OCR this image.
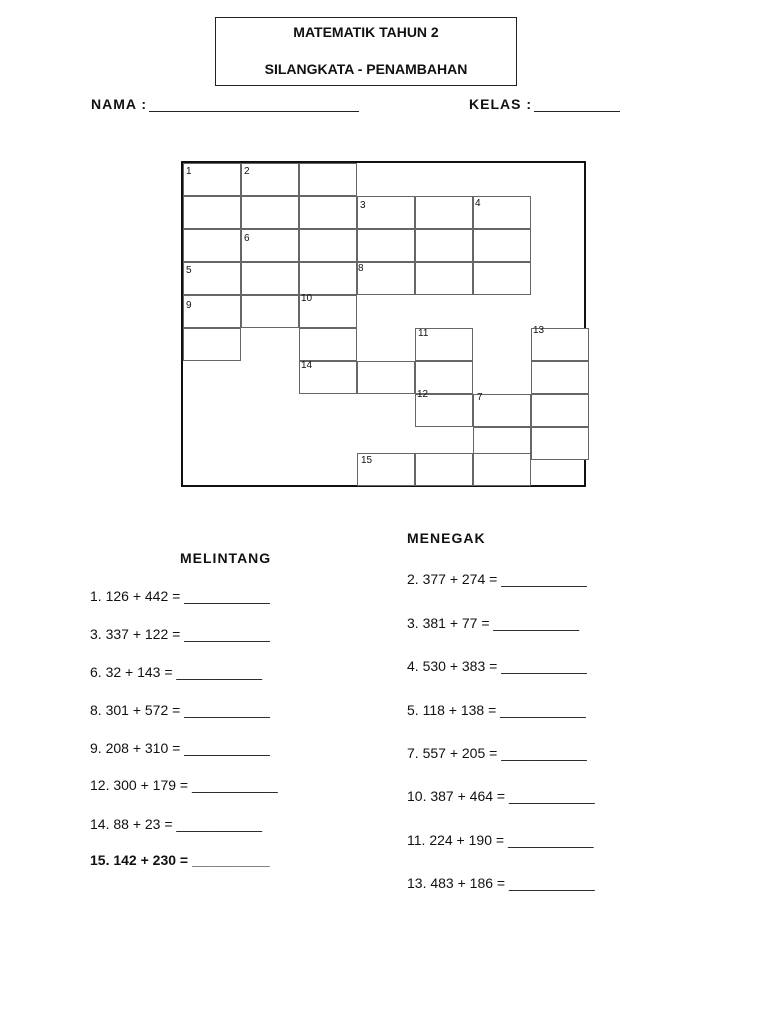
MATEMATIK TAHUN 2
SILANGKATA - PENAMBAHAN
NAMA :	KELAS :
1	2
3	4
5
6
7
8
9
10
11
12
13
14
15
MELINTANG
1. 126 + 442 = ___________
3. 337 + 122 = ___________
6. 32 + 143 = ___________
8. 301 + 572 = ___________
9. 208 + 310 = ___________
12. 300 + 179 = ___________
14. 88 + 23 = ___________
15. 142 + 230 = __________
MENEGAK
2. 377 + 274 = ___________
3. 381 + 77 = ___________
4. 530 + 383 = ___________
5. 118 + 138 = ___________
7. 557 + 205 = ___________
10. 387 + 464 = ___________
11. 224 + 190 = ___________
13. 483 + 186 = ___________
